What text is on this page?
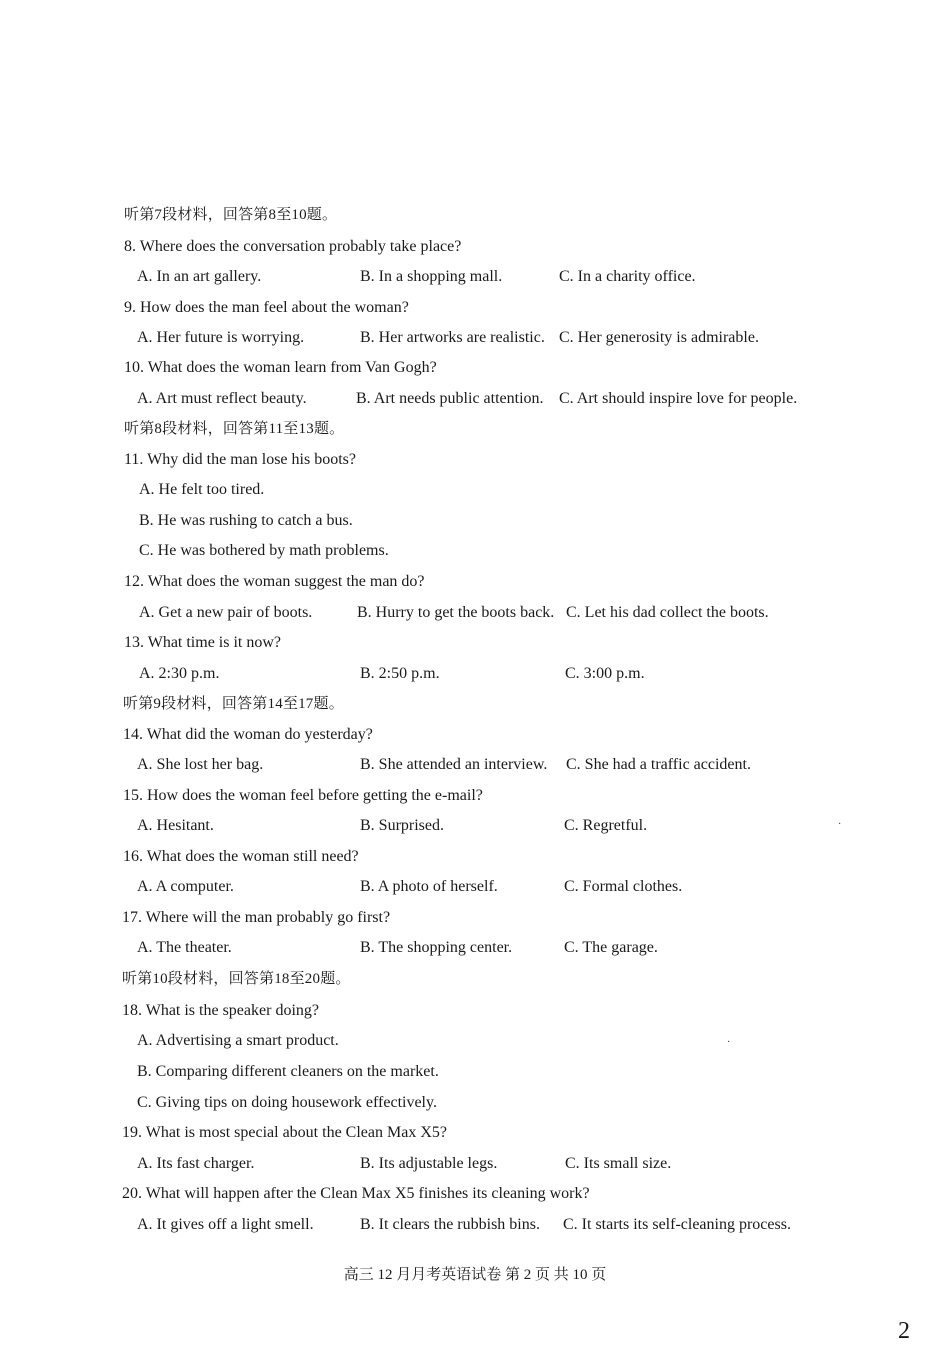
听第7段材料，回答第8至10题。
8. Where does the conversation probably take place?
A. In an art gallery.	B. In a shopping mall.	C. In a charity office.
9. How does the man feel about the woman?
A. Her future is worrying.	B. Her artworks are realistic. C. Her generosity is admirable.
10. What does the woman learn from Van Gogh?
A. Art must reflect beauty.	B. Art needs public attention. C. Art should inspire love for people.
听第8段材料，回答第11至13题。
11. Why did the man lose his boots?
A. He felt too tired.
B. He was rushing to catch a bus.
C. He was bothered by math problems.
12. What does the woman suggest the man do?
A. Get a new pair of boots.	B. Hurry to get the boots back. C. Let his dad collect the boots.
13. What time is it now?
A. 2:30 p.m.	B. 2:50 p.m.	C. 3:00 p.m.
听第9段材料，回答第14至17题。
14. What did the woman do yesterday?
A. She lost her bag.	B. She attended an interview. C. She had a traffic accident.
15. How does the woman feel before getting the e-mail?
A. Hesitant.	B. Surprised.	C. Regretful.
16. What does the woman still need?
A. A computer.	B. A photo of herself.	C. Formal clothes.
17. Where will the man probably go first?
A. The theater.	B. The shopping center.	C. The garage.
听第10段材料，回答第18至20题。
18. What is the speaker doing?
A. Advertising a smart product.
B. Comparing different cleaners on the market.
C. Giving tips on doing housework effectively.
19. What is most special about the Clean Max X5?
A. Its fast charger.	B. Its adjustable legs.	C. Its small size.
20. What will happen after the Clean Max X5 finishes its cleaning work?
A. It gives off a light smell.	B. It clears the rubbish bins. C. It starts its self-cleaning process.
·
·
高三 12 月月考英语试卷 第 2 页 共 10 页
2
